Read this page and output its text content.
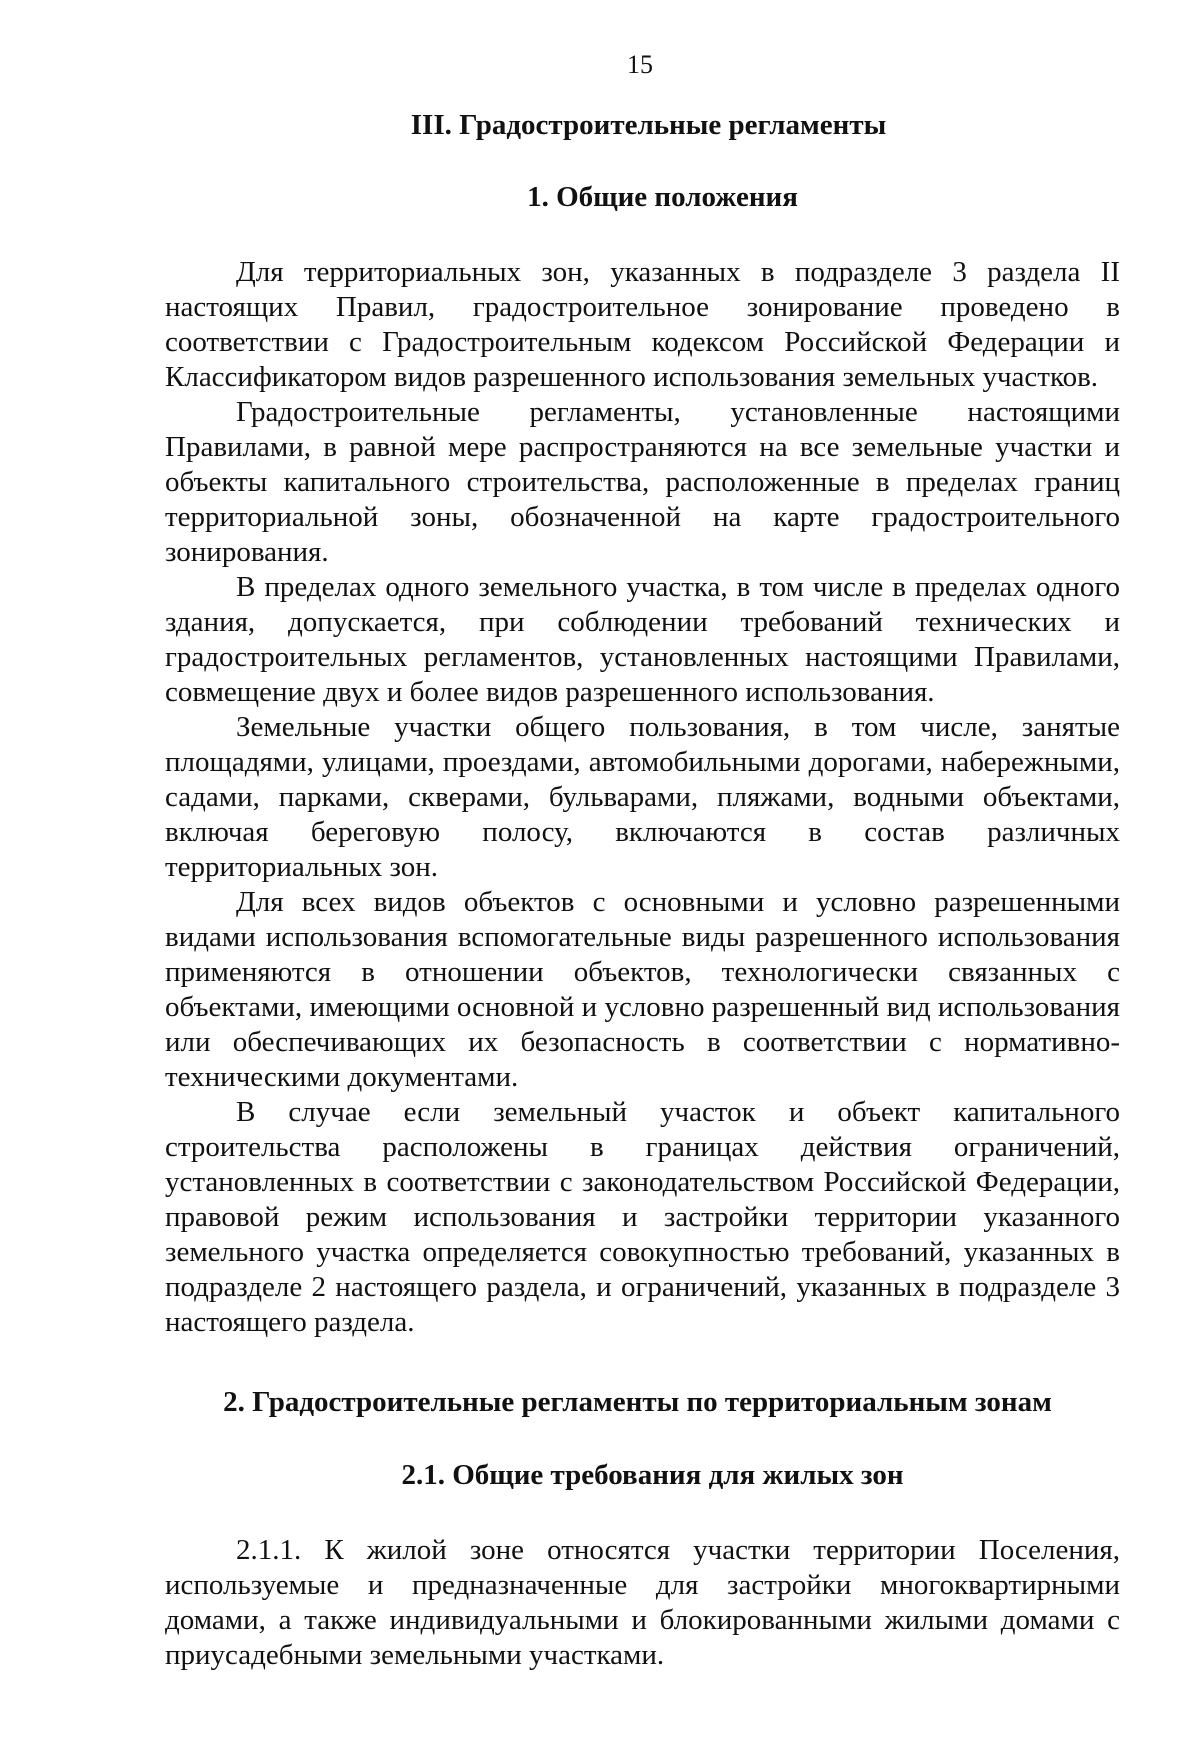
15
III. Градостроительные регламенты
1. Общие положения

Для территориальных зон, указанных в подразделе 3 раздела II настоящих Правил, градостроительное зонирование проведено в соответствии с Градостроительным кодексом Российской Федерации и Классификатором видов разрешенного использования земельных участков.

Градостроительные регламенты, установленные настоящими Правилами, в равной мере распространяются на все земельные участки и объекты капитального строительства, расположенные в пределах границ территориальной зоны, обозначенной на карте градостроительного зонирования.

В пределах одного земельного участка, в том числе в пределах одного здания, допускается, при соблюдении требований технических и градостроительных регламентов, установленных настоящими Правилами, совмещение двух и более видов разрешенного использования.

Земельные участки общего пользования, в том числе, занятые площадями, улицами, проездами, автомобильными дорогами, набережными, садами, парками, скверами, бульварами, пляжами, водными объектами, включая береговую полосу, включаются в состав различных территориальных зон.

Для всех видов объектов с основными и условно разрешенными видами использования вспомогательные виды разрешенного использования применяются в отношении объектов, технологически связанных с объектами, имеющими основной и условно разрешенный вид использования или обеспечивающих их безопасность в соответствии с нормативно-техническими документами.

В случае если земельный участок и объект капитального строительства расположены в границах действия ограничений, установленных в соответствии с законодательством Российской Федерации, правовой режим использования и застройки территории указанного земельного участка определяется совокупностью требований, указанных в подразделе 2 настоящего раздела, и ограничений, указанных в подразделе 3 настоящего раздела.

2. Градостроительные регламенты по территориальным зонам
2.1. Общие требования для жилых зон

2.1.1. К жилой зоне относятся участки территории Поселения, используемые и предназначенные для застройки многоквартирными домами, а также индивидуальными и блокированными жилыми домами с приусадебными земельными участками.
